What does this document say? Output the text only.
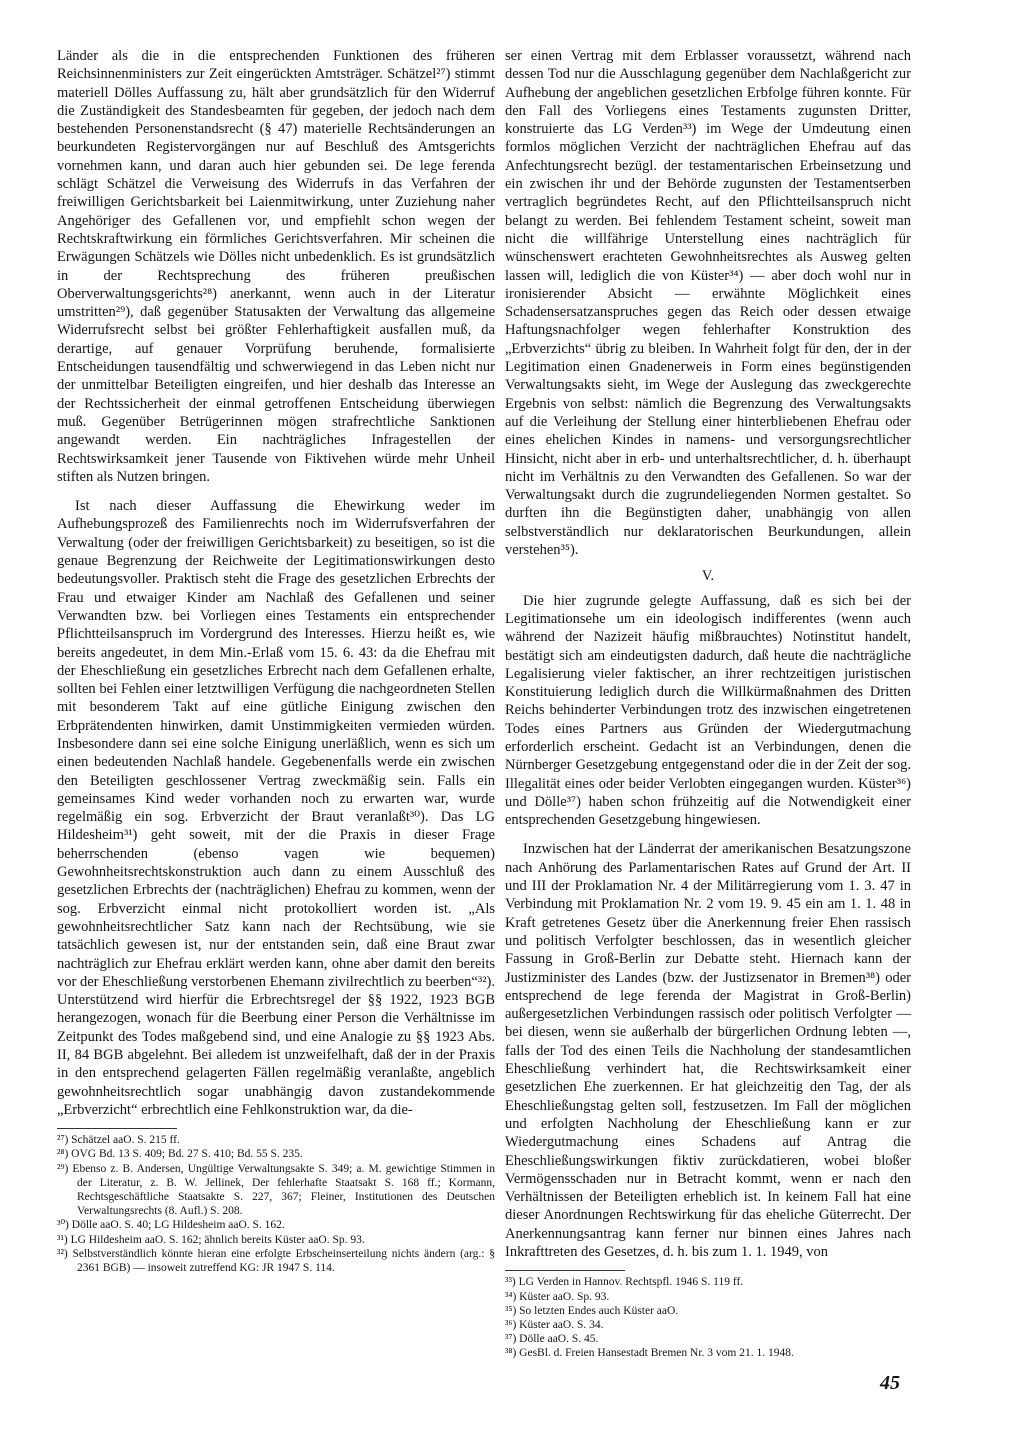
Länder als die in die entsprechenden Funktionen des früheren Reichsinnenministers zur Zeit eingerückten Amtsträger. Schätzel²⁷) stimmt materiell Dölles Auffassung zu, hält aber grundsätzlich für den Widerruf die Zuständigkeit des Standesbeamten für gegeben, der jedoch nach dem bestehenden Personenstandsrecht (§ 47) materielle Rechtsänderungen an beurkundeten Registervorgängen nur auf Beschluß des Amtsgerichts vornehmen kann, und daran auch hier gebunden sei. De lege ferenda schlägt Schätzel die Verweisung des Widerrufs in das Verfahren der freiwilligen Gerichtsbarkeit bei Laienmitwirkung, unter Zuziehung naher Angehöriger des Gefallenen vor, und empfiehlt schon wegen der Rechtskraftwirkung ein förmliches Gerichtsverfahren. Mir scheinen die Erwägungen Schätzels wie Dölles nicht unbedenklich. Es ist grundsätzlich in der Rechtsprechung des früheren preußischen Oberverwaltungsgerichts²⁸) anerkannt, wenn auch in der Literatur umstritten²⁹), daß gegenüber Statusakten der Verwaltung das allgemeine Widerrufsrecht selbst bei größter Fehlerhaftigkeit ausfallen muß, da derartige, auf genauer Vorprüfung beruhende, formalisierte Entscheidungen tausendfältig und schwerwiegend in das Leben nicht nur der unmittelbar Beteiligten eingreifen, und hier deshalb das Interesse an der Rechtssicherheit der einmal getroffenen Entscheidung überwiegen muß. Gegenüber Betrügerinnen mögen strafrechtliche Sanktionen angewandt werden. Ein nachträgliches Infragestellen der Rechtswirksamkeit jener Tausende von Fiktivehen würde mehr Unheil stiften als Nutzen bringen.

Ist nach dieser Auffassung die Ehewirkung weder im Aufhebungsprozeß des Familienrechts noch im Widerrufsverfahren der Verwaltung (oder der freiwilligen Gerichtsbarkeit) zu beseitigen, so ist die genaue Begrenzung der Reichweite der Legitimationswirkungen desto bedeutungsvoller. Praktisch steht die Frage des gesetzlichen Erbrechts der Frau und etwaiger Kinder am Nachlaß des Gefallenen und seiner Verwandten bzw. bei Vorliegen eines Testaments ein entsprechender Pflichtteilsanspruch im Vordergrund des Interesses. Hierzu heißt es, wie bereits angedeutet, in dem Min.-Erlaß vom 15. 6. 43: da die Ehefrau mit der Eheschließung ein gesetzliches Erbrecht nach dem Gefallenen erhalte, sollten bei Fehlen einer letztwilligen Verfügung die nachgeordneten Stellen mit besonderem Takt auf eine gütliche Einigung zwischen den Erbprätendenten hinwirken, damit Unstimmigkeiten vermieden würden. Insbesondere dann sei eine solche Einigung unerläßlich, wenn es sich um einen bedeutenden Nachlaß handele. Gegebenenfalls werde ein zwischen den Beteiligten geschlossener Vertrag zweckmäßig sein. Falls ein gemeinsames Kind weder vorhanden noch zu erwarten war, wurde regelmäßig ein sog. Erbverzicht der Braut veranlaßt³⁰). Das LG Hildesheim³¹) geht soweit, mit der die Praxis in dieser Frage beherrschenden (ebenso vagen wie bequemen) Gewohnheitsrechtskonstruktion auch dann zu einem Ausschluß des gesetzlichen Erbrechts der (nachträglichen) Ehefrau zu kommen, wenn der sog. Erbverzicht einmal nicht protokolliert worden ist. „Als gewohnheitsrechtlicher Satz kann nach der Rechtsübung, wie sie tatsächlich gewesen ist, nur der entstanden sein, daß eine Braut zwar nachträglich zur Ehefrau erklärt werden kann, ohne aber damit den bereits vor der Eheschließung verstorbenen Ehemann zivilrechtlich zu beerben“³²). Unterstützend wird hierfür die Erbrechtsregel der §§ 1922, 1923 BGB herangezogen, wonach für die Beerbung einer Person die Verhältnisse im Zeitpunkt des Todes maßgebend sind, und eine Analogie zu §§ 1923 Abs. II, 84 BGB abgelehnt. Bei alledem ist unzweifelhaft, daß der in der Praxis in den entsprechend gelagerten Fällen regelmäßig veranlaßte, angeblich gewohnheitsrechtlich sogar unabhängig davon zustandekommende „Erbverzicht“ erbrechtlich eine Fehlkonstruktion war, da die-

²⁷) Schätzel aaO. S. 215 ff.

²⁸) OVG Bd. 13 S. 409; Bd. 27 S. 410; Bd. 55 S. 235.

²⁹) Ebenso z. B. Andersen, Ungültige Verwaltungsakte S. 349; a. M. gewichtige Stimmen in der Literatur, z. B. W. Jellinek, Der fehlerhafte Staatsakt S. 168 ff.; Kormann, Rechtsgeschäftliche Staatsakte S. 227, 367; Fleiner, Institutionen des Deutschen Verwaltungsrechts (8. Aufl.) S. 208.

³⁰) Dölle aaO. S. 40; LG Hildesheim aaO. S. 162.

³¹) LG Hildesheim aaO. S. 162; ähnlich bereits Küster aaO. Sp. 93.

³²) Selbstverständlich könnte hieran eine erfolgte Erbscheinserteilung nichts ändern (arg.: § 2361 BGB) — insoweit zutreffend KG: JR 1947 S. 114.

ser einen Vertrag mit dem Erblasser voraussetzt, während nach dessen Tod nur die Ausschlagung gegenüber dem Nachlaßgericht zur Aufhebung der angeblichen gesetzlichen Erbfolge führen konnte. Für den Fall des Vorliegens eines Testaments zugunsten Dritter, konstruierte das LG Verden³³) im Wege der Umdeutung einen formlos möglichen Verzicht der nachträglichen Ehefrau auf das Anfechtungsrecht bezügl. der testamentarischen Erbeinsetzung und ein zwischen ihr und der Behörde zugunsten der Testamentserben vertraglich begründetes Recht, auf den Pflichtteilsanspruch nicht belangt zu werden. Bei fehlendem Testament scheint, soweit man nicht die willfährige Unterstellung eines nachträglich für wünschenswert erachteten Gewohnheitsrechtes als Ausweg gelten lassen will, lediglich die von Küster³⁴) — aber doch wohl nur in ironisierender Absicht — erwähnte Möglichkeit eines Schadensersatzanspruches gegen das Reich oder dessen etwaige Haftungsnachfolger wegen fehlerhafter Konstruktion des „Erbverzichts“ übrig zu bleiben. In Wahrheit folgt für den, der in der Legitimation einen Gnadenerweis in Form eines begünstigenden Verwaltungsakts sieht, im Wege der Auslegung das zweckgerechte Ergebnis von selbst: nämlich die Begrenzung des Verwaltungsakts auf die Verleihung der Stellung einer hinterbliebenen Ehefrau oder eines ehelichen Kindes in namens- und versorgungsrechtlicher Hinsicht, nicht aber in erb- und unterhaltsrechtlicher, d. h. überhaupt nicht im Verhältnis zu den Verwandten des Gefallenen. So war der Verwaltungsakt durch die zugrundeliegenden Normen gestaltet. So durften ihn die Begünstigten daher, unabhängig von allen selbstverständlich nur deklaratorischen Beurkundungen, allein verstehen³⁵).

V.

Die hier zugrunde gelegte Auffassung, daß es sich bei der Legitimationsehe um ein ideologisch indifferentes (wenn auch während der Nazizeit häufig mißbrauchtes) Notinstitut handelt, bestätigt sich am eindeutigsten dadurch, daß heute die nachträgliche Legalisierung vieler faktischer, an ihrer rechtzeitigen juristischen Konstituierung lediglich durch die Willkürmaßnahmen des Dritten Reichs behinderter Verbindungen trotz des inzwischen eingetretenen Todes eines Partners aus Gründen der Wiedergutmachung erforderlich erscheint. Gedacht ist an Verbindungen, denen die Nürnberger Gesetzgebung entgegenstand oder die in der Zeit der sog. Illegalität eines oder beider Verlobten eingegangen wurden. Küster³⁶) und Dölle³⁷) haben schon frühzeitig auf die Notwendigkeit einer entsprechenden Gesetzgebung hingewiesen.

Inzwischen hat der Länderrat der amerikanischen Besatzungszone nach Anhörung des Parlamentarischen Rates auf Grund der Art. II und III der Proklamation Nr. 4 der Militärregierung vom 1. 3. 47 in Verbindung mit Proklamation Nr. 2 vom 19. 9. 45 ein am 1. 1. 48 in Kraft getretenes Gesetz über die Anerkennung freier Ehen rassisch und politisch Verfolgter beschlossen, das in wesentlich gleicher Fassung in Groß-Berlin zur Debatte steht. Hiernach kann der Justizminister des Landes (bzw. der Justizsenator in Bremen³⁸) oder entsprechend de lege ferenda der Magistrat in Groß-Berlin) außergesetzlichen Verbindungen rassisch oder politisch Verfolgter — bei diesen, wenn sie außerhalb der bürgerlichen Ordnung lebten —, falls der Tod des einen Teils die Nachholung der standesamtlichen Eheschließung verhindert hat, die Rechtswirksamkeit einer gesetzlichen Ehe zuerkennen. Er hat gleichzeitig den Tag, der als Eheschließungstag gelten soll, festzusetzen. Im Fall der möglichen und erfolgten Nachholung der Eheschließung kann er zur Wiedergutmachung eines Schadens auf Antrag die Eheschließungswirkungen fiktiv zurückdatieren, wobei bloßer Vermögensschaden nur in Betracht kommt, wenn er nach den Verhältnissen der Beteiligten erheblich ist. In keinem Fall hat eine dieser Anordnungen Rechtswirkung für das eheliche Güterrecht. Der Anerkennungsantrag kann ferner nur binnen eines Jahres nach Inkrafttreten des Gesetzes, d. h. bis zum 1. 1. 1949, von

³³) LG Verden in Hannov. Rechtspfl. 1946 S. 119 ff.

³⁴) Küster aaO. Sp. 93.

³⁵) So letzten Endes auch Küster aaO.

³⁶) Küster aaO. S. 34.

³⁷) Dölle aaO. S. 45.

³⁸) GesBl. d. Freien Hansestadt Bremen Nr. 3 vom 21. 1. 1948.

45
